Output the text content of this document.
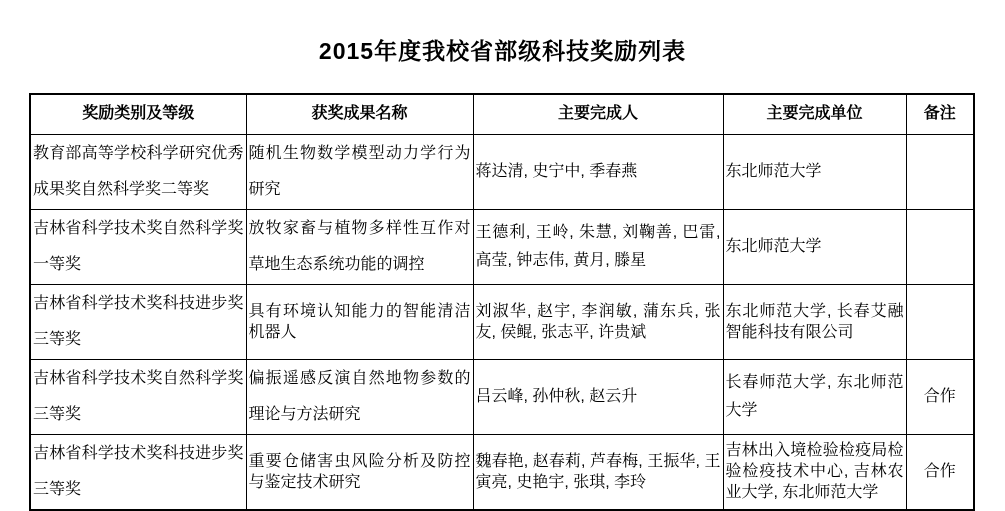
2015年度我校省部级科技奖励列表
奖励类别及等级	获奖成果名称	主要完成人	主要完成单位	备注
教育部高等学校科学研究优秀成果奖自然科学奖二等奖	随机生物数学模型动力学行为研究	蒋达清, 史宁中, 季春燕	东北师范大学	
吉林省科学技术奖自然科学奖一等奖	放牧家畜与植物多样性互作对草地生态系统功能的调控	王德利, 王岭, 朱慧, 刘鞠善, 巴雷, 高莹, 钟志伟, 黄月, 滕星	东北师范大学	
吉林省科学技术奖科技进步奖三等奖	具有环境认知能力的智能清洁机器人	刘淑华, 赵宇, 李润敏, 蒲东兵, 张友, 侯鲲, 张志平, 许贵斌	东北师范大学, 长春艾融智能科技有限公司	
吉林省科学技术奖自然科学奖三等奖	偏振遥感反演自然地物参数的理论与方法研究	吕云峰, 孙仲秋, 赵云升	长春师范大学, 东北师范大学	合作
吉林省科学技术奖科技进步奖三等奖	重要仓储害虫风险分析及防控与鉴定技术研究	魏春艳, 赵春莉, 芦春梅, 王振华, 王寅亮, 史艳宇, 张琪, 李玲	吉林出入境检验检疫局检验检疫技术中心, 吉林农业大学, 东北师范大学	合作
